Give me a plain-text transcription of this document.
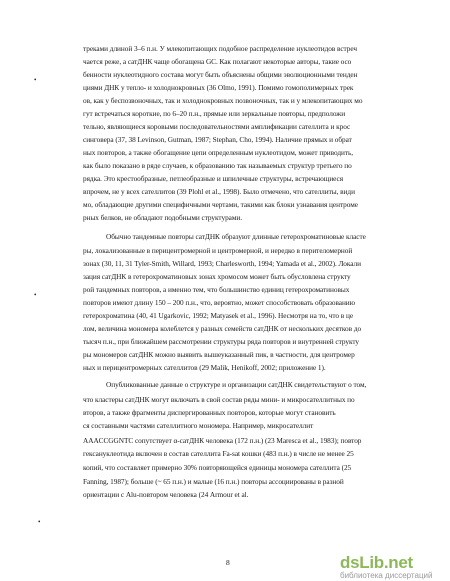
•
•
•
треками длиной 3–6 п.н. У млекопитающих подобное распределение нуклеотидов встреч
чается реже, а сатДНК чаще обогащена GC. Как полагают некоторые авторы, такие осо
бенности нуклеотидного состава могут быть объяснены общими эволюционными тенден
циями ДНК у тепло- и холоднокровных (36 Olmo, 1991). Помимо гомополимерных трек
ов, как у беспозвоночных, так и холоднокровных позвоночных, так и у млекопитающих мо
гут встречаться короткие, по 6–20 п.н., прямые или зеркальные повторы, предположи
тельно, являющиеся коровыми последовательностями амплификации сателлита и крос
синговера (37, 38 Levinson, Gutman, 1987; Stephan, Cho, 1994). Наличие прямых и обрат
ных повторов, а также обогащение цепи определенным нуклеотидом, может приводить,
как было показано в ряде случаев, к образованию так называемых структур третьего по
рядка. Это крестообразные, петлеобразные и шпилечные структуры, встречающиеся
впрочем, не у всех сателлитов (39 Plohl et al., 1998). Было отмечено, что сателлиты, види
мо, обладающие другими специфичными чертами, такими как блоки узнавания центроме
рных белков, не обладают подобными структурами.
Обычно тандемные повторы сатДНК образуют длинные гетерохроматиновые класте
ры, локализованные в перицентромерной и центромерной, и нередко в перителомерной
зонах (30, 11, 31 Tyler-Smith, Willard, 1993; Charlesworth, 1994; Yamada et al., 2002). Локали
зация сатДНК в гетерохроматиновых зонах хромосом может быть обусловлена структу
рой тандемных повторов, а именно тем, что большинство единиц гетерохроматиновых
повторов имеют длину 150 – 200 п.н., что, вероятно, может способствовать образованию
гетерохроматина (40, 41 Ugarkovic, 1992; Matyasek et al., 1996). Несмотря на то, что в це
лом, величина мономера колеблется у разных семейств сатДНК от нескольких десятков до
тысяч п.н., при ближайшем рассмотрении структуры ряда повторов и внутренней структу
ры мономеров сатДНК можно выявить вышеуказанный пик, в частности, для центромер
ных и перицентромерных сателлитов (29 Malik, Henikoff, 2002; приложение 1).
Опубликованные данные о структуре и организации сатДНК свидетельствуют о том,
что кластеры сатДНК могут включать в свой состав ряды мини- и микросателлитных по
второв, а также фрагменты диспергированных повторов, которые могут становить
ся составными частями сателлитного мономера. Например, микросателлит
AAACCGGNTC сопутствует α-сатДНК человека (172 п.н.) (23 Maresca et al., 1983); повтор
гексануклеотида включен в состав сателлита Fa-sat кошки (483 п.н.) в числе не менее 25
копий, что составляет примерно 30% повторяющейся единицы мономера сателлита (25
Fanning, 1987); больше (~ 65 п.н.) и малые (16 п.н.) повторы ассоциированы в разной
ориентации с Alu-повтором человека (24 Armour et al.
8	dsLib.net
библиотека диссертаций
